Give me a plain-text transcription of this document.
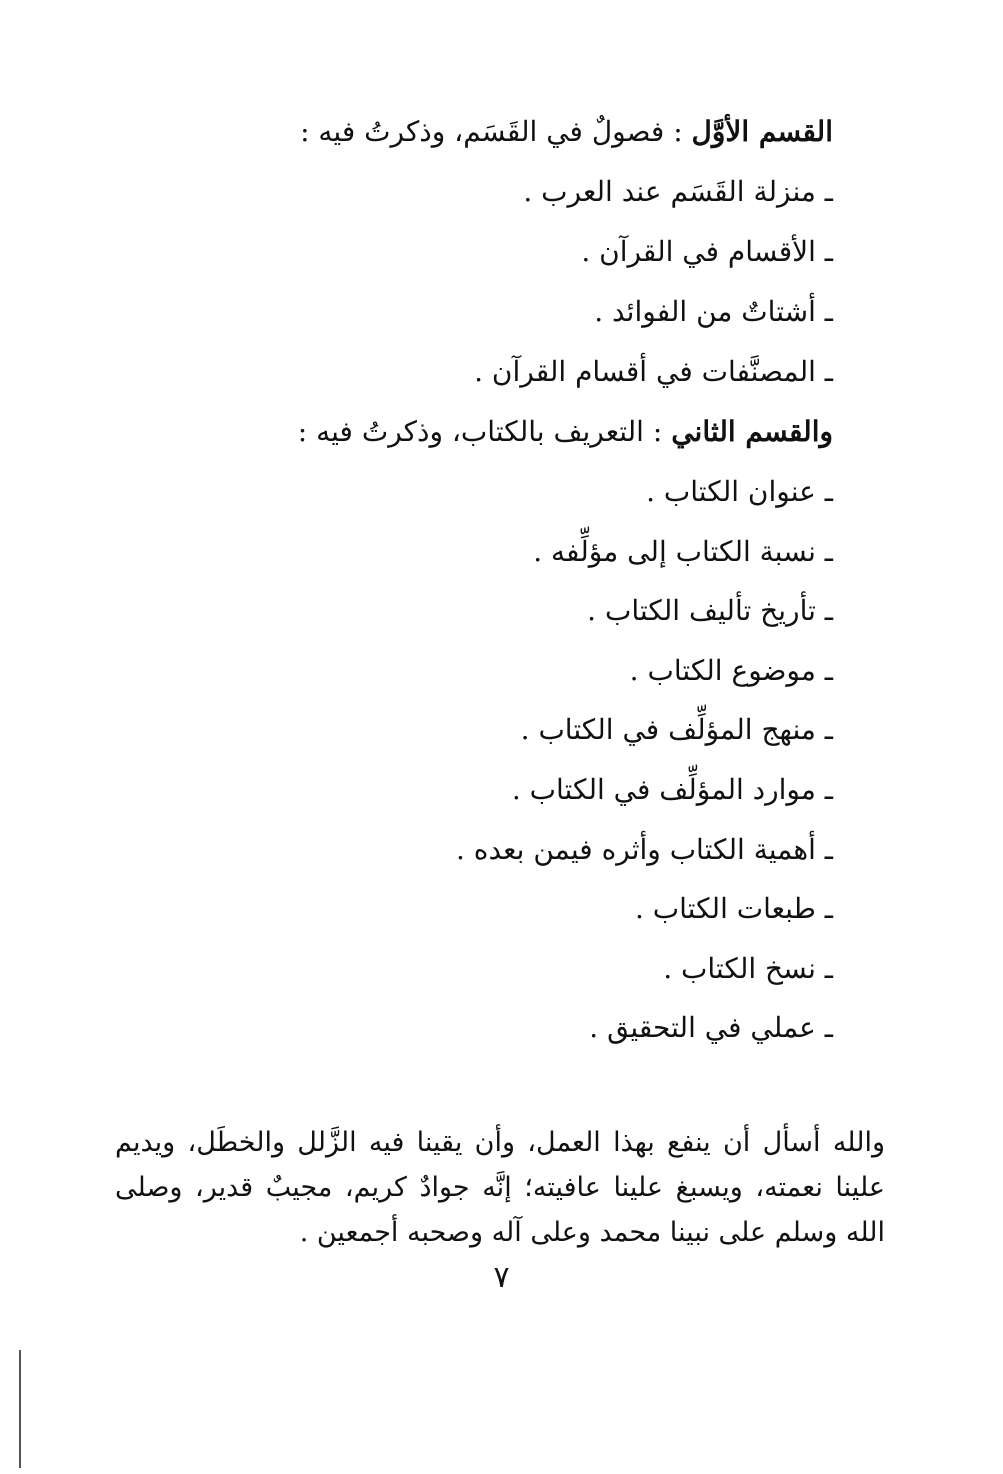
القسم الأوَّل : فصولٌ في القَسَم، وذكرتُ فيه :
ـ منزلة القَسَم عند العرب .
ـ الأقسام في القرآن .
ـ أشتاتٌ من الفوائد .
ـ المصنَّفات في أقسام القرآن .
والقسم الثاني : التعريف بالكتاب، وذكرتُ فيه :
ـ عنوان الكتاب .
ـ نسبة الكتاب إلى مؤلِّفه .
ـ تأريخ تأليف الكتاب .
ـ موضوع الكتاب .
ـ منهج المؤلِّف في الكتاب .
ـ موارد المؤلِّف في الكتاب .
ـ أهمية الكتاب وأثره فيمن بعده .
ـ طبعات الكتاب .
ـ نسخ الكتاب .
ـ عملي في التحقيق .

والله أسأل أن ينفع بهذا العمل، وأن يقينا فيه الزَّلل والخطَل، ويديم علينا نعمته، ويسبغ علينا عافيته؛ إنَّه جوادٌ كريم، مجيبٌ قدير، وصلى الله وسلم على نبينا محمد وعلى آله وصحبه أجمعين .

٧
